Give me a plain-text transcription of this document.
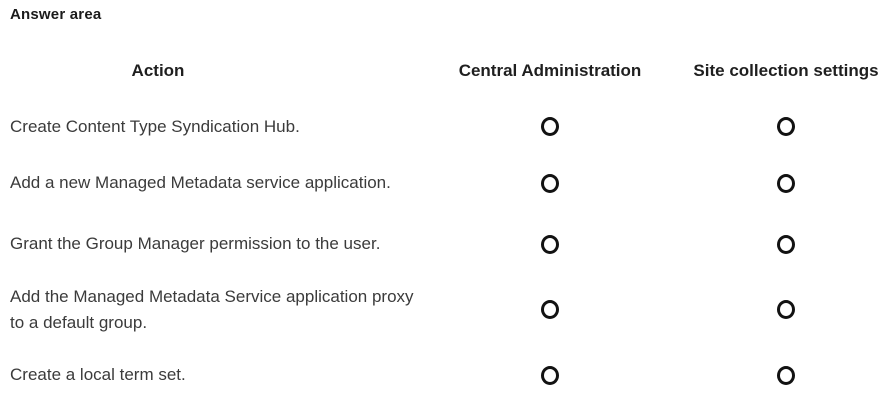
Answer area
Action	Central Administration	Site collection settings
Create Content Type Syndication Hub.
Add a new Managed Metadata service application.
Grant the Group Manager permission to the user.
Add the Managed Metadata Service application proxy
to a default group.
Create a local term set.
